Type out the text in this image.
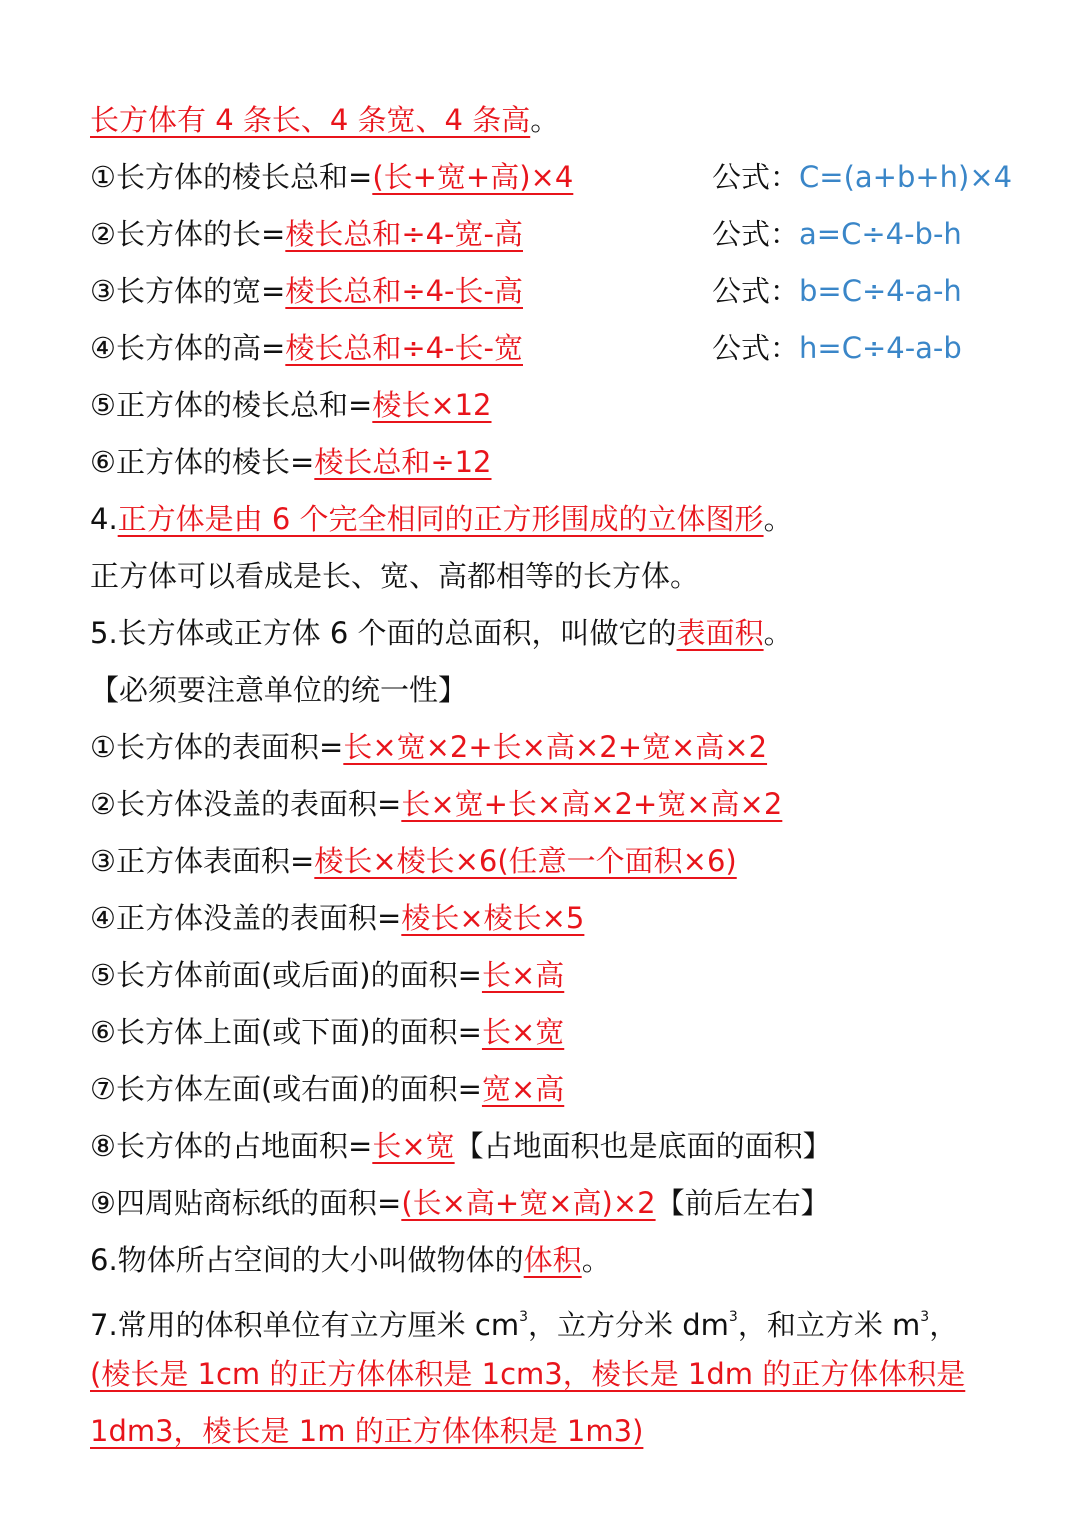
长方体有 4 条长、4 条宽、4 条高。
①长方体的棱长总和=(长+宽+高)×4	公式：C=(a+b+h)×4
②长方体的长=棱长总和÷4-宽-高	公式：a=C÷4-b-h
③长方体的宽=棱长总和÷4-长-高	公式：b=C÷4-a-h
④长方体的高=棱长总和÷4-长-宽	公式：h=C÷4-a-b
⑤正方体的棱长总和=棱长×12
⑥正方体的棱长=棱长总和÷12
4.正方体是由 6 个完全相同的正方形围成的立体图形。
正方体可以看成是长、宽、高都相等的长方体。
5.长方体或正方体 6 个面的总面积，叫做它的表面积。
【必须要注意单位的统一性】
①长方体的表面积=长×宽×2+长×高×2+宽×高×2
②长方体没盖的表面积=长×宽+长×高×2+宽×高×2
③正方体表面积=棱长×棱长×6(任意一个面积×6)
④正方体没盖的表面积=棱长×棱长×5
⑤长方体前面(或后面)的面积=长×高
⑥长方体上面(或下面)的面积=长×宽
⑦长方体左面(或右面)的面积=宽×高
⑧长方体的占地面积=长×宽【占地面积也是底面的面积】
⑨四周贴商标纸的面积=(长×高+宽×高)×2【前后左右】
6.物体所占空间的大小叫做物体的体积。
7.常用的体积单位有立方厘米 $cm^3$，立方分米 $dm^3$，和立方米 $m^3$，
(棱长是 1cm 的正方体体积是 1cm3，棱长是 1dm 的正方体体积是
1dm3，棱长是 1m 的正方体体积是 1m3)
